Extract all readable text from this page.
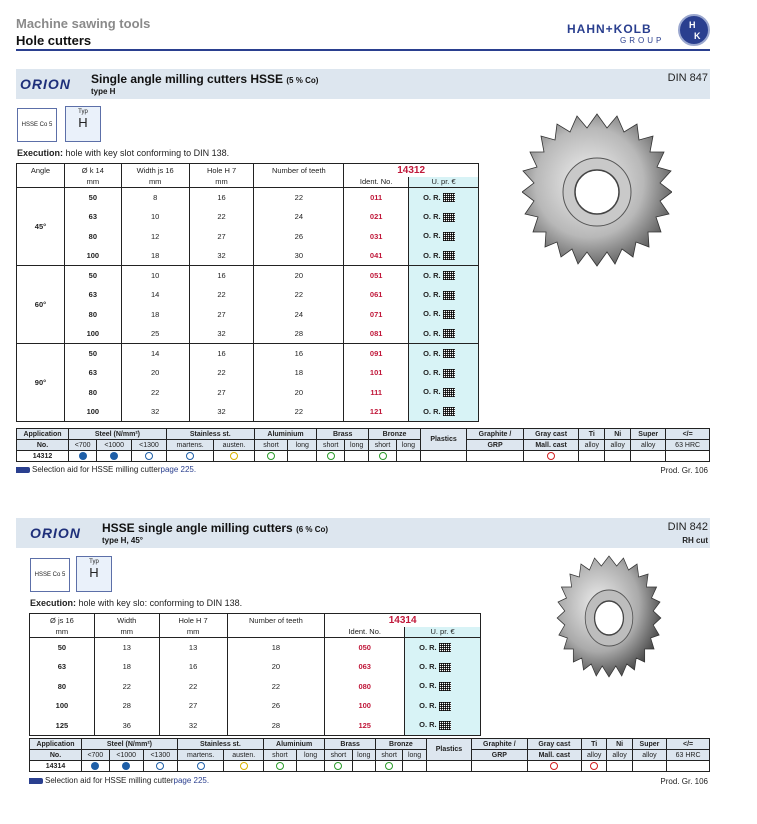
Machine sawing tools
Hole cutters
HAHN+KOLB
GROUP
H
K
ORION Single angle milling cutters HSSE (5 % Co)
type H
DIN 847
HSSE Co 5
Typ
H
Execution: hole with key slot conforming to DIN 138.
Angle	Ø k 14	Width js 16	Hole H 7	Number of teeth	14312	
	mm	mm	mm		Ident. No.	U. pr. €
45°	50	8	16	22	011	O. R.
	63	10	22	24	021	O. R.
	80	12	27	26	031	O. R.
	100	18	32	30	041	O. R.
60°	50	10	16	20	051	O. R.
	63	14	22	22	061	O. R.
	80	18	27	24	071	O. R.
	100	25	32	28	081	O. R.
90°	50	14	16	16	091	O. R.
	63	20	22	18	101	O. R.
	80	22	27	20	111	O. R.
	100	32	32	22	121	O. R.
Application	Steel (N/mm²)			Stainless st.		Aluminium		Brass		Bronze		Plastics	Graphite /	Gray cast	Ti	Ni	Super	</=
No.	<700	<1000	<1300	martens.	austen.	short	long	short	long	short	long		GRP	Mall. cast	alloy	alloy	alloy	63 HRC
14312																		
Selection aid for HSSE milling cutterpage 225.	Prod. Gr. 106
ORION HSSE single angle milling cutters (6 % Co)
type H, 45°
DIN 842
RH cut
HSSE Co 5
Typ
H
Execution: hole with key slo: conforming to DIN 138.
Ø js 16	Width	Hole H 7	Number of teeth	14314	
mm	mm	mm		Ident. No.	U. pr. €
50	13	13	18	050	O. R.
63	18	16	20	063	O. R.
80	22	22	22	080	O. R.
100	28	27	26	100	O. R.
125	36	32	28	125	O. R.
Application	Steel (N/mm²)			Stainless st.		Aluminium		Brass		Bronze		Plastics	Graphite /	Gray cast	Ti	Ni	Super	</=
No.	<700	<1000	<1300	martens.	austen.	short	long	short	long	short	long		GRP	Mall. cast	alloy	alloy	alloy	63 HRC
14314																		
Selection aid for HSSE milling cutterpage 225.	Prod. Gr. 106
